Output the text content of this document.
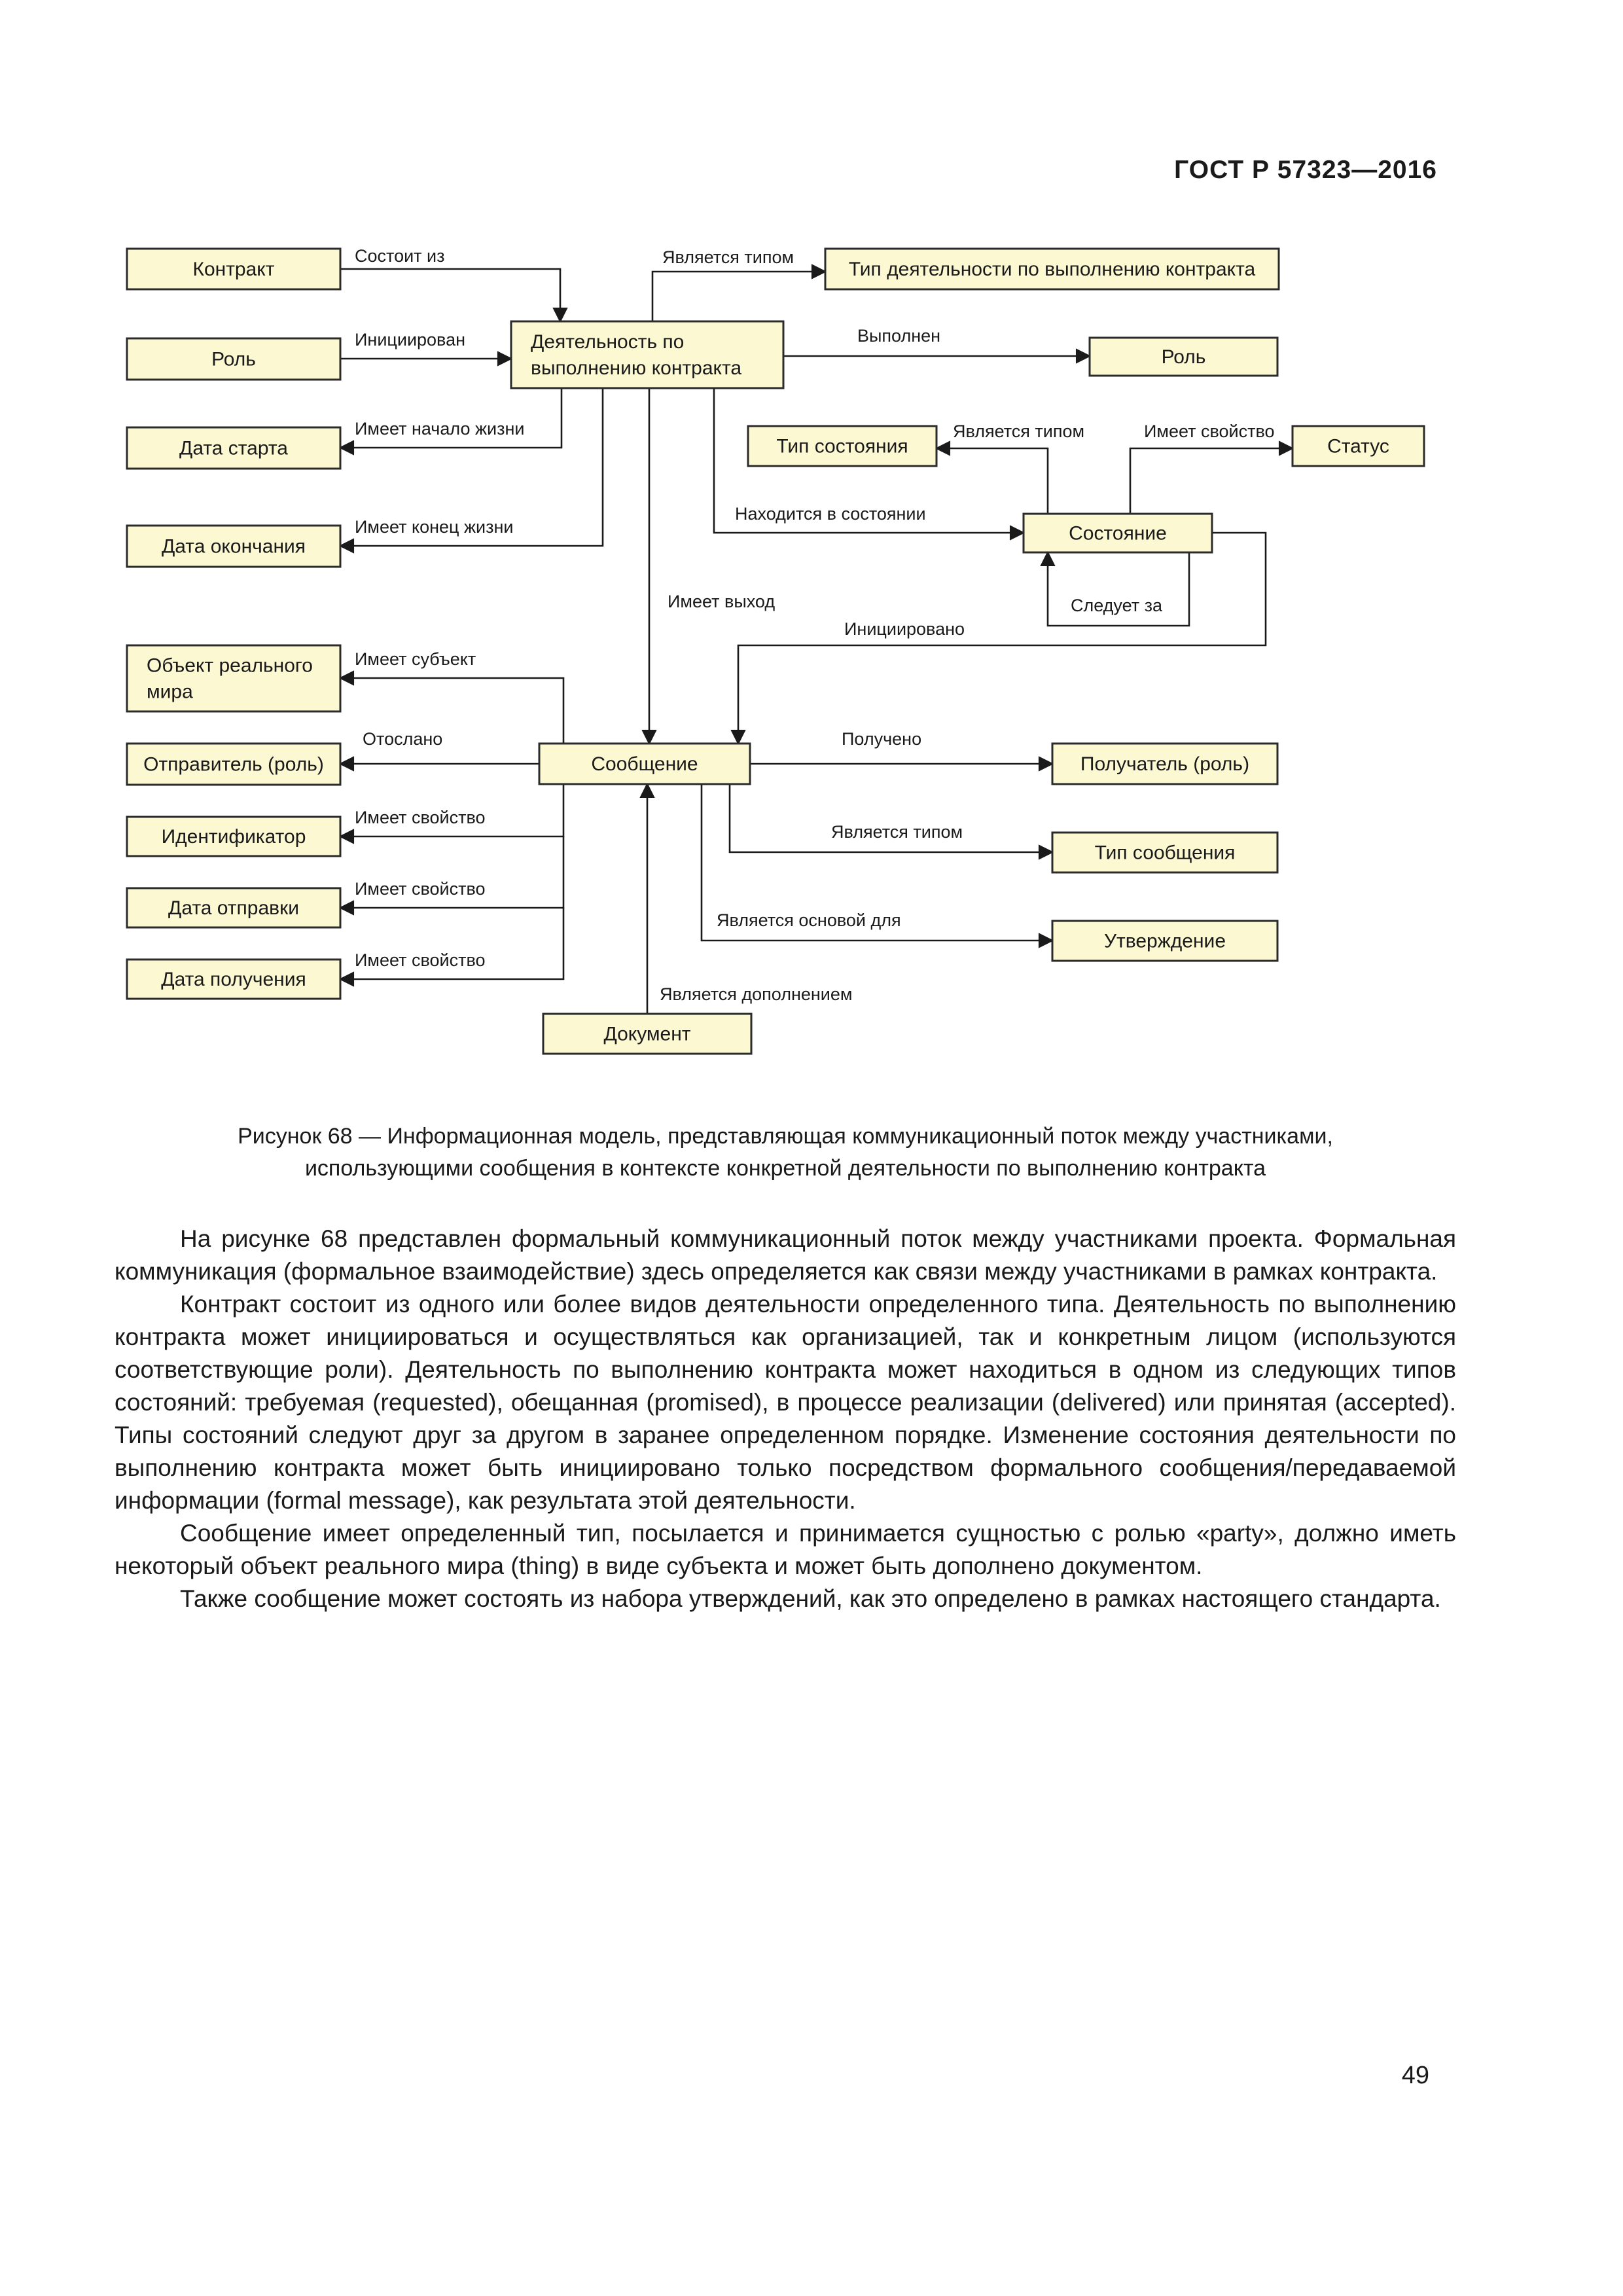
ГОСТ Р 57323—2016
Состоит из	Является типом
Инициирован	Выполнен
Имеет начало жизни
Имеет конец жизни
Имеет выход
Находится в состоянии
Является типом	Имеет свойство
Следует за
Инициировано
Имеет субъект
Отослано	Получено
Имеет свойство
Имеет свойство
Имеет свойство
Является типом
Является основой для
Является дополнением
Контракт
Роль
Дата старта
Дата окончания
Объект реального мира
Отправитель (роль)
Идентификатор
Дата отправки
Дата получения
Деятельность по выполнению контракта
Тип деятельности по выполнению контракта
Роль
Тип состояния	Статус
Состояние
Сообщение	Получатель (роль)
Тип сообщения
Утверждение
Документ
Рисунок 68 — Информационная модель, представляющая коммуникационный поток между участниками,
использующими сообщения в контексте конкретной деятельности по выполнению контракта

На рисунке 68 представлен формальный коммуникационный поток между участниками проекта. Формальная коммуникация (формальное взаимодействие) здесь определяется как связи между участниками в рамках контракта.

Контракт состоит из одного или более видов деятельности определенного типа. Деятельность по выполнению контракта может инициироваться и осуществляться как организацией, так и конкретным лицом (используются соответствующие роли). Деятельность по выполнению контракта может находиться в одном из следующих типов состояний: требуемая (requested), обещанная (promised), в процессе реализации (delivered) или принятая (accepted). Типы состояний следуют друг за другом в заранее определенном порядке. Изменение состояния деятельности по выполнению контракта может быть инициировано только посредством формального сообщения/передаваемой информации (formal message), как результата этой деятельности.

Сообщение имеет определенный тип, посылается и принимается сущностью с ролью «party», должно иметь некоторый объект реального мира (thing) в виде субъекта и может быть дополнено документом.

Также сообщение может состоять из набора утверждений, как это определено в рамках настоящего стандарта.

49
